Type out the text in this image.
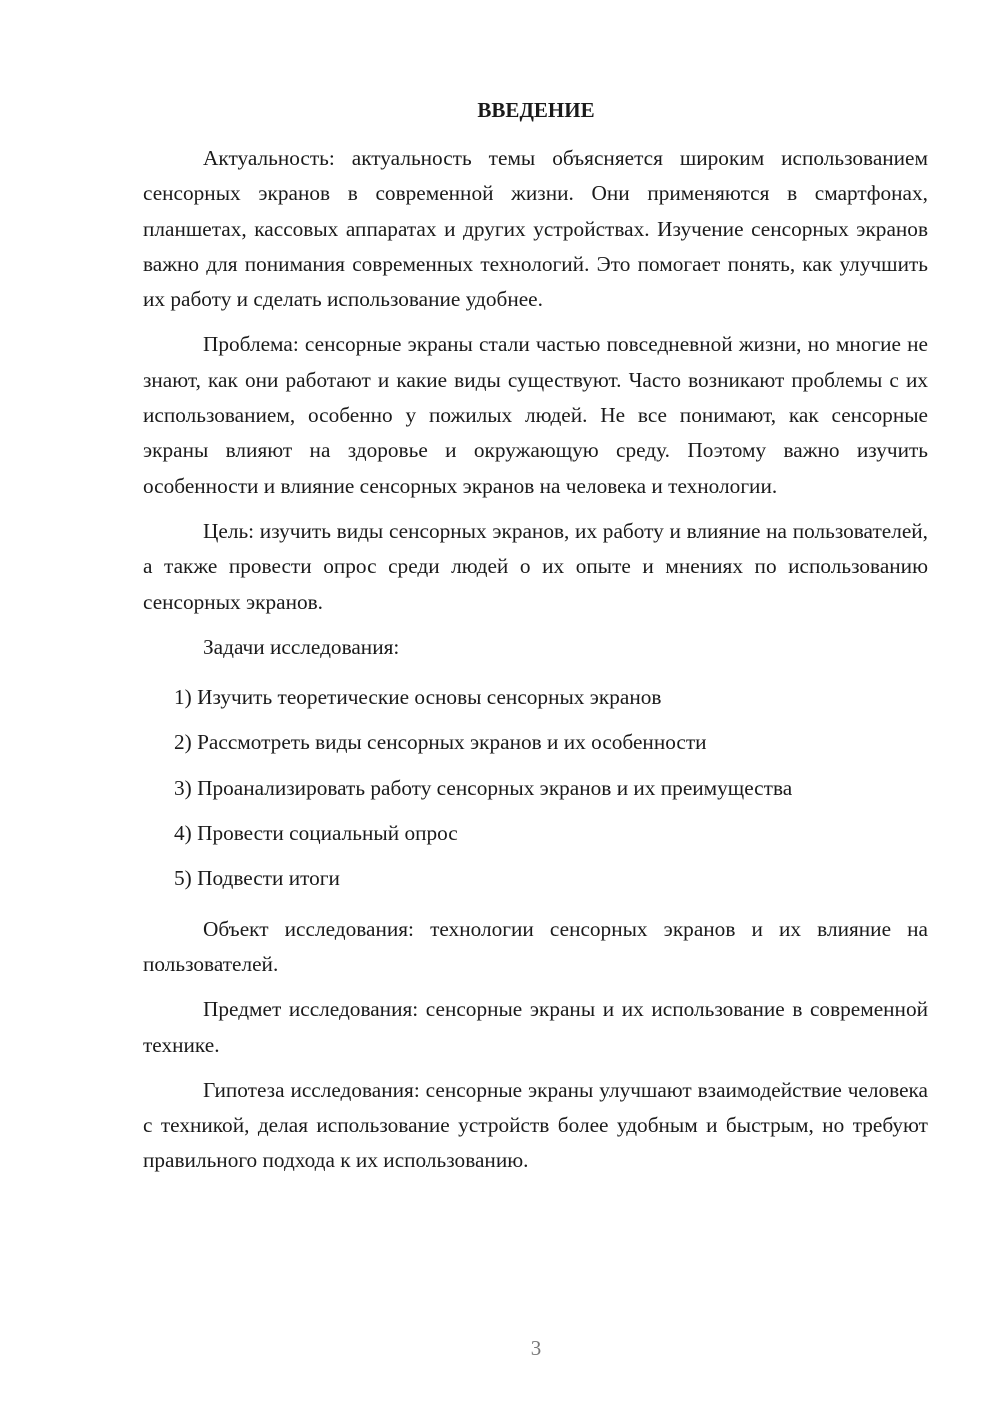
ВВЕДЕНИЕ

Актуальность: актуальность темы объясняется широким использованием сенсорных экранов в современной жизни. Они применяются в смартфонах, планшетах, кассовых аппаратах и других устройствах. Изучение сенсорных экранов важно для понимания современных технологий. Это помогает понять, как улучшить их работу и сделать использование удобнее.

Проблема: сенсорные экраны стали частью повседневной жизни, но многие не знают, как они работают и какие виды существуют. Часто возникают проблемы с их использованием, особенно у пожилых людей. Не все понимают, как сенсорные экраны влияют на здоровье и окружающую среду. Поэтому важно изучить особенности и влияние сенсорных экранов на человека и технологии.

Цель: изучить виды сенсорных экранов, их работу и влияние на пользователей, а также провести опрос среди людей о их опыте и мнениях по использованию сенсорных экранов.

Задачи исследования:

1) Изучить теоретические основы сенсорных экранов
2) Рассмотреть виды сенсорных экранов и их особенности
3) Проанализировать работу сенсорных экранов и их преимущества
4) Провести социальный опрос
5) Подвести итоги

Объект исследования: технологии сенсорных экранов и их влияние на пользователей.

Предмет исследования: сенсорные экраны и их использование в современной технике.

Гипотеза исследования: сенсорные экраны улучшают взаимодействие человека с техникой, делая использование устройств более удобным и быстрым, но требуют правильного подхода к их использованию.

3
